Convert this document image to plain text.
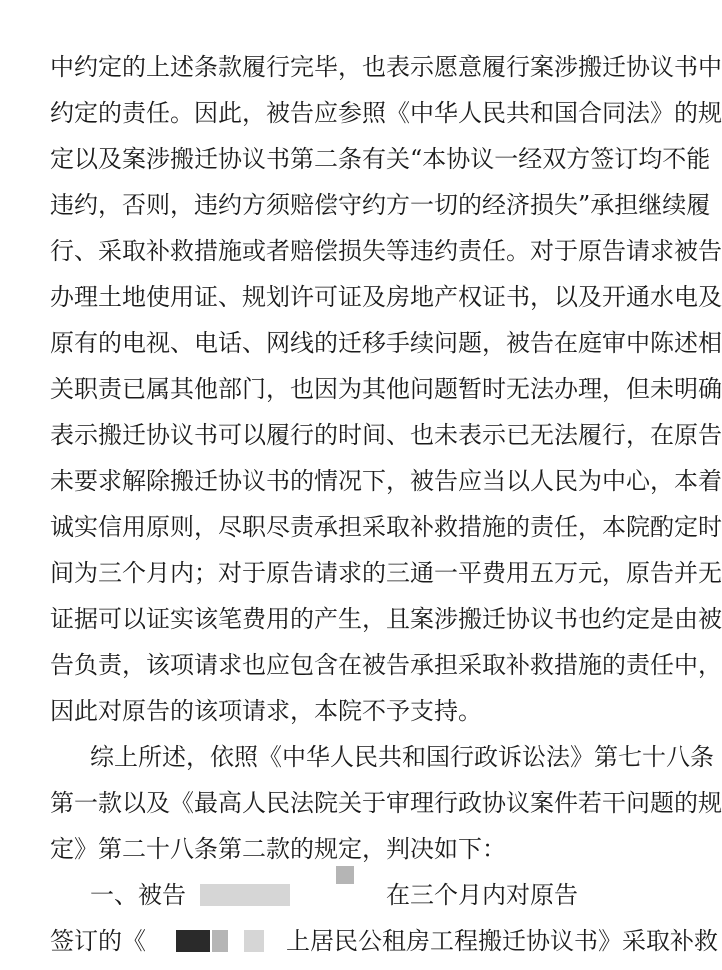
中约定的上述条款履行完毕，也表示愿意履行案涉搬迁协议书中
约定的责任。因此，被告应参照《中华人民共和国合同法》的规
定以及案涉搬迁协议书第二条有关“本协议一经双方签订均不能
违约，否则，违约方须赔偿守约方一切的经济损失”承担继续履
行、采取补救措施或者赔偿损失等违约责任。对于原告请求被告
办理土地使用证、规划许可证及房地产权证书，以及开通水电及
原有的电视、电话、网线的迁移手续问题，被告在庭审中陈述相
关职责已属其他部门，也因为其他问题暂时无法办理，但未明确
表示搬迁协议书可以履行的时间、也未表示已无法履行，在原告
未要求解除搬迁协议书的情况下，被告应当以人民为中心，本着
诚实信用原则，尽职尽责承担采取补救措施的责任，本院酌定时
间为三个月内；对于原告请求的三通一平费用五万元，原告并无
证据可以证实该笔费用的产生，且案涉搬迁协议书也约定是由被
告负责，该项请求也应包含在被告承担采取补救措施的责任中，
因此对原告的该项请求，本院不予支持。
综上所述，依照《中华人民共和国行政诉讼法》第七十八条
第一款以及《最高人民法院关于审理行政协议案件若干问题的规
定》第二十八条第二款的规定，判决如下：
一、被告	在三个月内对原告
签订的《	上居民公租房工程搬迁协议书》采取补救
